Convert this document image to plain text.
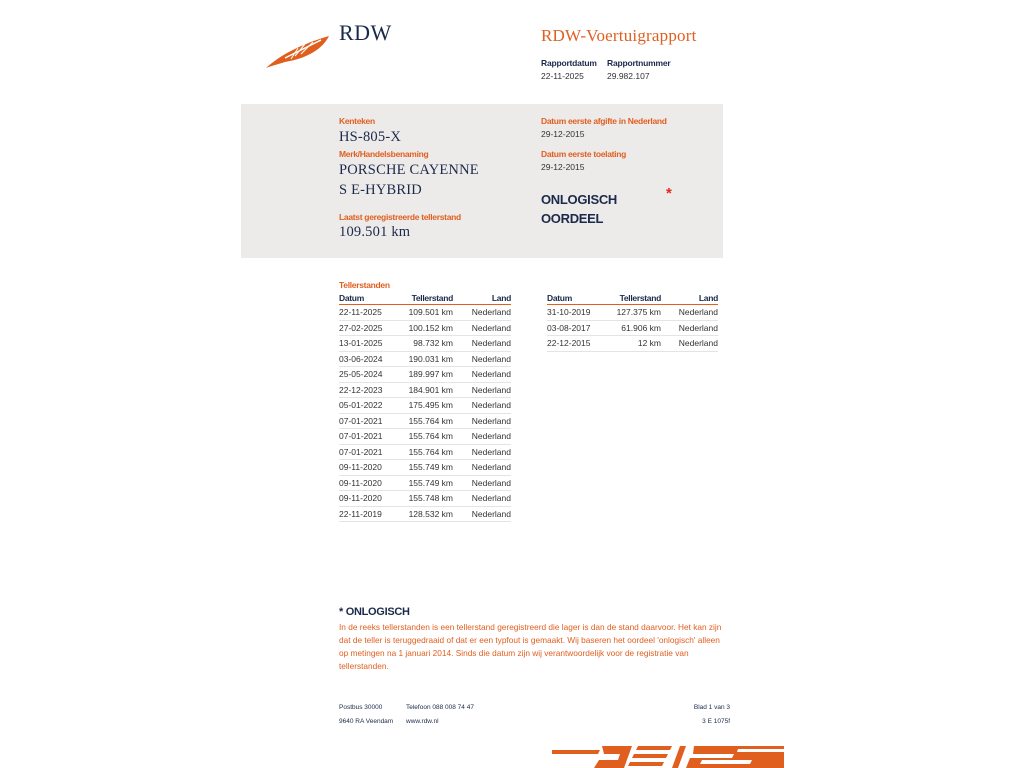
RDW	RDW-Voertuigrapport
Rapportdatum
22-11-2025
Rapportnummer
29.982.107
Kenteken
HS-805-X
Merk/Handelsbenaming
PORSCHE CAYENNE
S E-HYBRID
Laatst geregistreerde tellerstand
109.501 km
Datum eerste afgifte in Nederland
29-12-2015
Datum eerste toelating
29-12-2015
ONLOGISCH
OORDEEL
*
Tellerstanden
Datum	Tellerstand	Land
22-11-2025	109.501 km	Nederland
27-02-2025	100.152 km	Nederland
13-01-2025	98.732 km	Nederland
03-06-2024	190.031 km	Nederland
25-05-2024	189.997 km	Nederland
22-12-2023	184.901 km	Nederland
05-01-2022	175.495 km	Nederland
07-01-2021	155.764 km	Nederland
07-01-2021	155.764 km	Nederland
07-01-2021	155.764 km	Nederland
09-11-2020	155.749 km	Nederland
09-11-2020	155.749 km	Nederland
09-11-2020	155.748 km	Nederland
22-11-2019	128.532 km	Nederland
Datum	Tellerstand	Land
31-10-2019	127.375 km	Nederland
03-08-2017	61.906 km	Nederland
22-12-2015	12 km	Nederland
* ONLOGISCH
In de reeks tellerstanden is een tellerstand geregistreerd die lager is dan de stand daarvoor. Het kan zijn dat de teller is teruggedraaid of dat er een typfout is gemaakt. Wij baseren het oordeel 'onlogisch' alleen op metingen na 1 januari 2014. Sinds die datum zijn wij verantwoordelijk voor de registratie van tellerstanden.
Postbus 30000
9640 RA Veendam
Telefoon 088 008 74 47
www.rdw.nl
Blad 1 van 3
3 E 1075f
